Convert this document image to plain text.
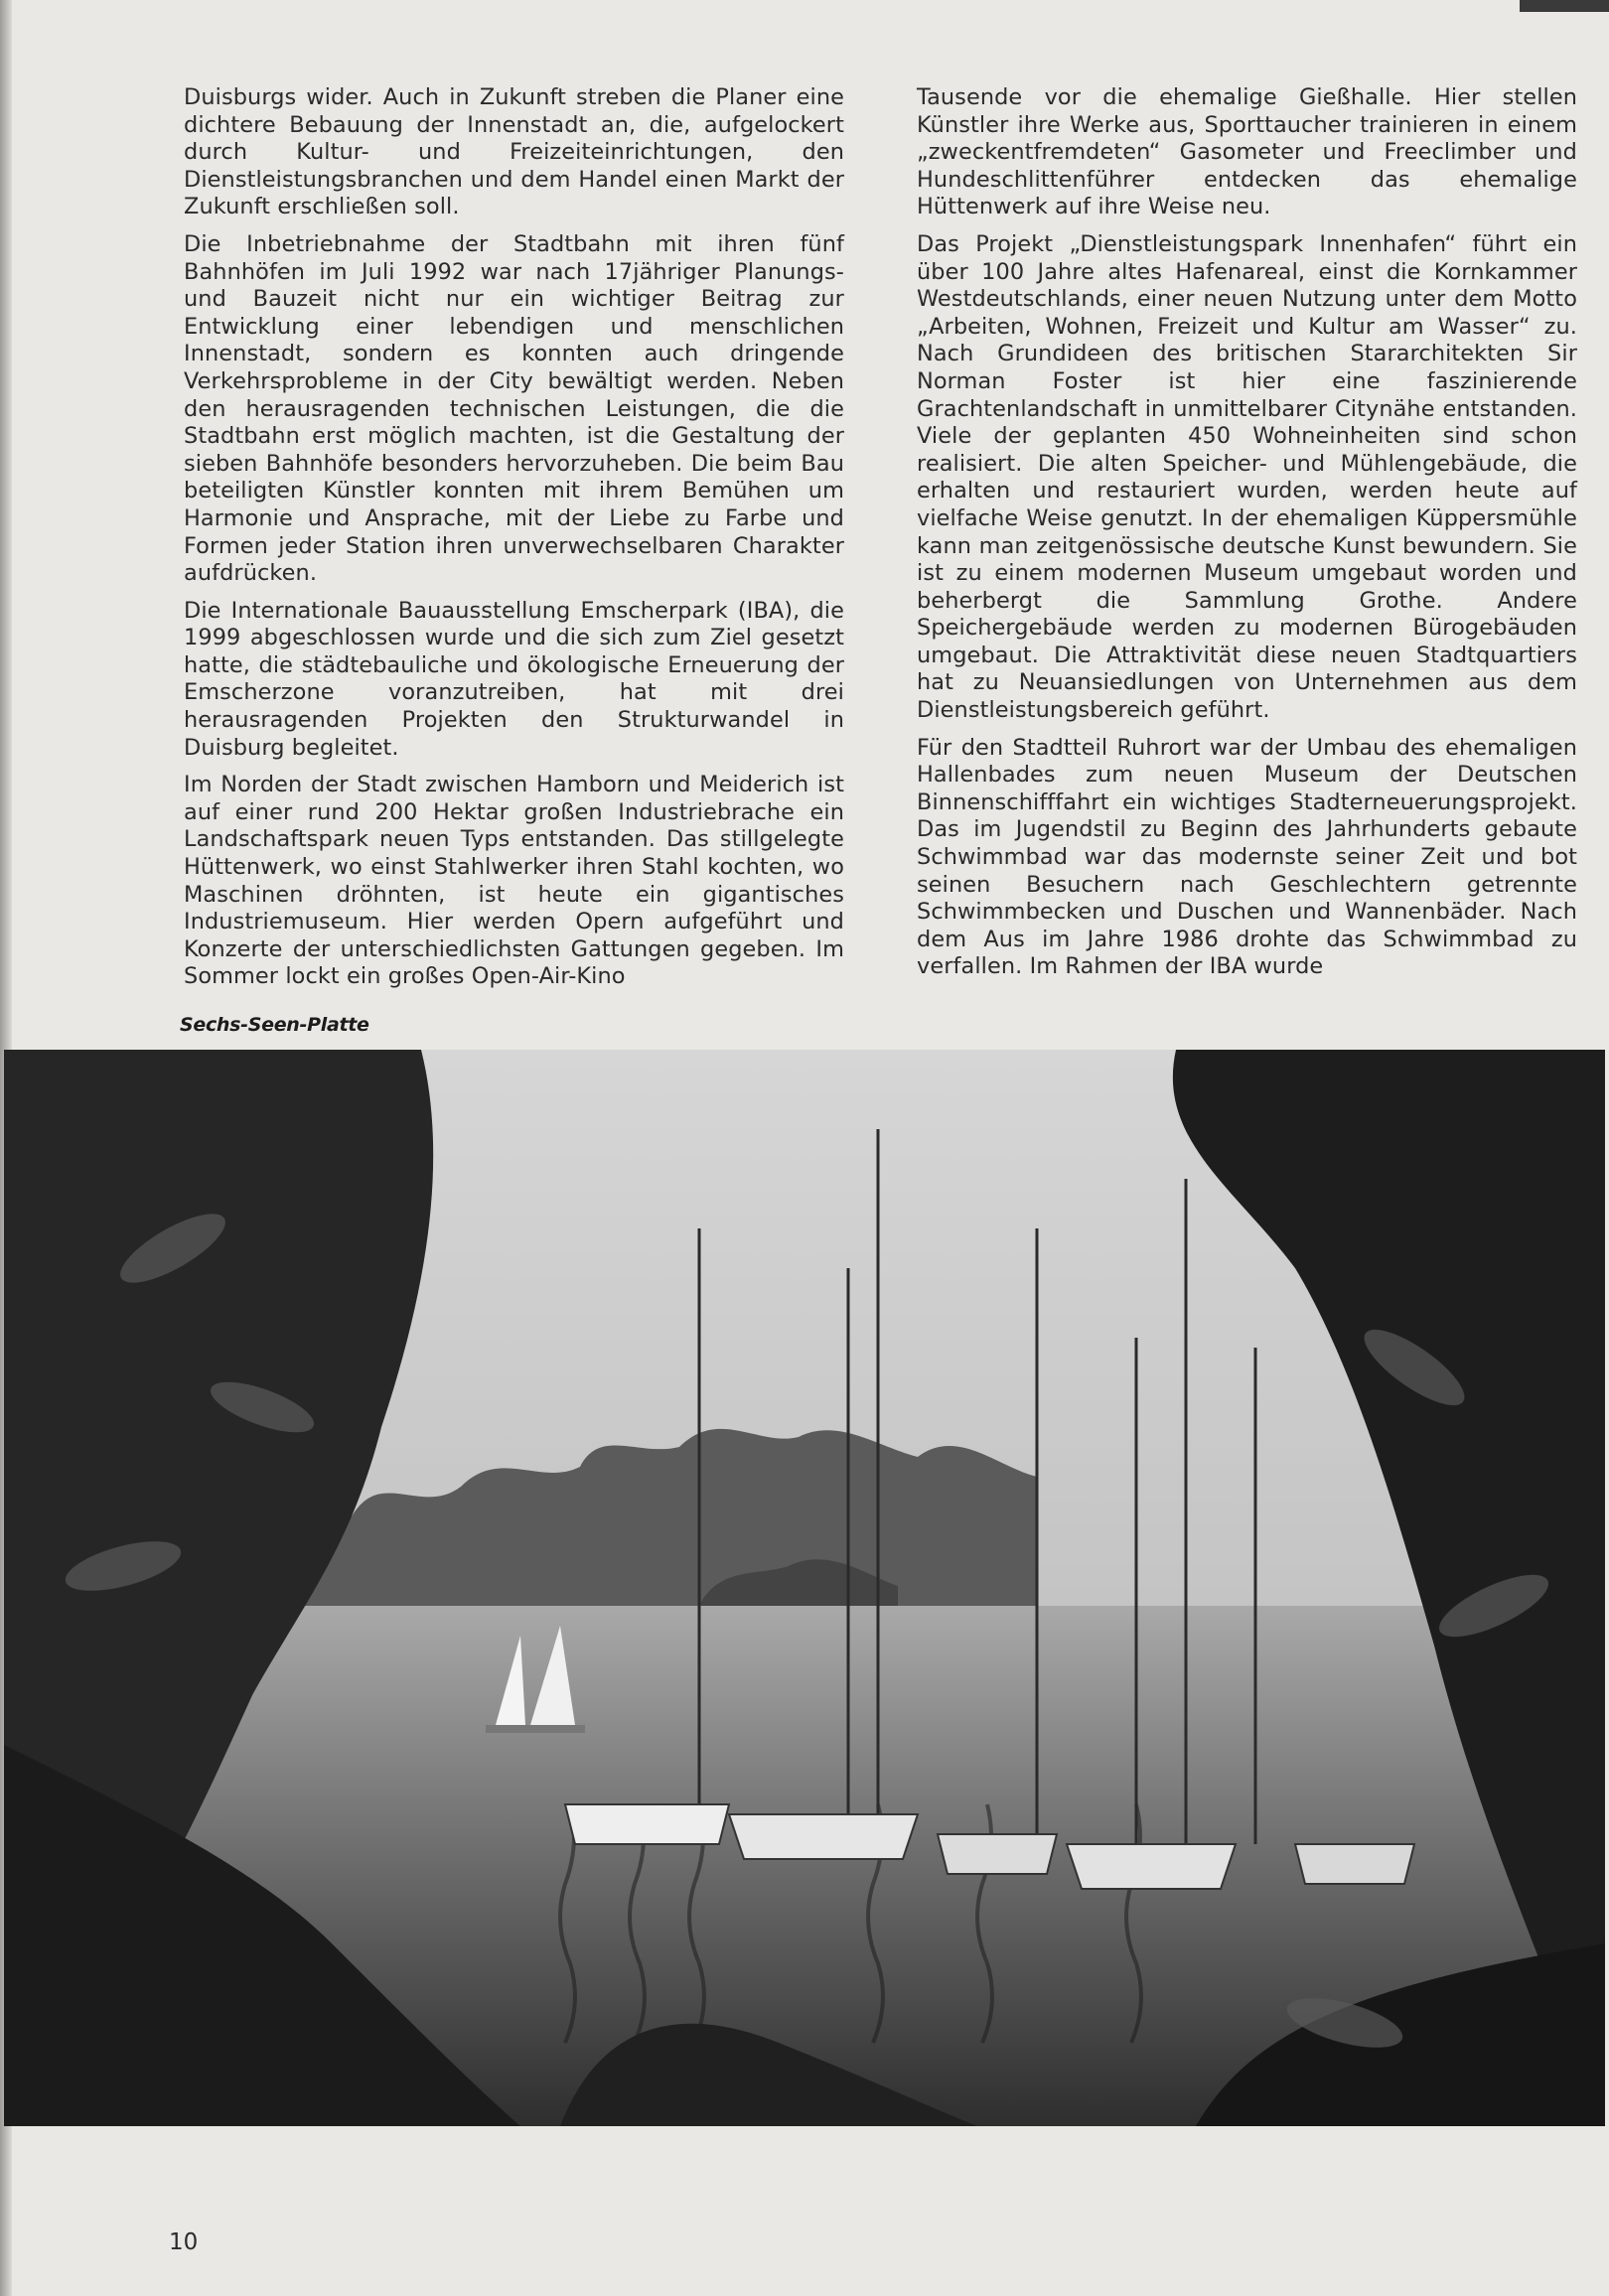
Duisburgs wider. Auch in Zukunft streben die Planer eine dichtere Bebauung der Innenstadt an, die, aufgelockert durch Kultur- und Freizeiteinrichtungen, den Dienstleistungsbranchen und dem Handel einen Markt der Zukunft erschließen soll.

Die Inbetriebnahme der Stadtbahn mit ihren fünf Bahnhöfen im Juli 1992 war nach 17jähriger Planungs- und Bauzeit nicht nur ein wichtiger Beitrag zur Entwicklung einer lebendigen und menschlichen Innenstadt, sondern es konnten auch dringende Verkehrsprobleme in der City bewältigt werden. Neben den herausragenden technischen Leistungen, die die Stadtbahn erst möglich machten, ist die Gestaltung der sieben Bahnhöfe besonders hervorzuheben. Die beim Bau beteiligten Künstler konnten mit ihrem Bemühen um Harmonie und Ansprache, mit der Liebe zu Farbe und Formen jeder Station ihren unverwechselbaren Charakter aufdrücken.

Die Internationale Bauausstellung Emscherpark (IBA), die 1999 abgeschlossen wurde und die sich zum Ziel gesetzt hatte, die städtebauliche und ökologische Erneuerung der Emscherzone voranzutreiben, hat mit drei herausragenden Projekten den Strukturwandel in Duisburg begleitet.

Im Norden der Stadt zwischen Hamborn und Meiderich ist auf einer rund 200 Hektar großen Industriebrache ein Landschaftspark neuen Typs entstanden. Das stillgelegte Hüttenwerk, wo einst Stahlwerker ihren Stahl kochten, wo Maschinen dröhnten, ist heute ein gigantisches Industriemuseum. Hier werden Opern aufgeführt und Konzerte der unterschiedlichsten Gattungen gegeben. Im Sommer lockt ein großes Open-Air-Kino

Tausende vor die ehemalige Gießhalle. Hier stellen Künstler ihre Werke aus, Sporttaucher trainieren in einem „zweckentfremdeten“ Gasometer und Freeclimber und Hundeschlittenführer entdecken das ehemalige Hüttenwerk auf ihre Weise neu.

Das Projekt „Dienstleistungspark Innenhafen“ führt ein über 100 Jahre altes Hafenareal, einst die Kornkammer Westdeutschlands, einer neuen Nutzung unter dem Motto „Arbeiten, Wohnen, Freizeit und Kultur am Wasser“ zu. Nach Grundideen des britischen Stararchitekten Sir Norman Foster ist hier eine faszinierende Grachtenlandschaft in unmittelbarer Citynähe entstanden. Viele der geplanten 450 Wohneinheiten sind schon realisiert. Die alten Speicher- und Mühlengebäude, die erhalten und restauriert wurden, werden heute auf vielfache Weise genutzt. In der ehemaligen Küppersmühle kann man zeitgenössische deutsche Kunst bewundern. Sie ist zu einem modernen Museum umgebaut worden und beherbergt die Sammlung Grothe. Andere Speichergebäude werden zu modernen Bürogebäuden umgebaut. Die Attraktivität diese neuen Stadtquartiers hat zu Neuansiedlungen von Unternehmen aus dem Dienstleistungsbereich geführt.

Für den Stadtteil Ruhrort war der Umbau des ehemaligen Hallenbades zum neuen Museum der Deutschen Binnenschifffahrt ein wichtiges Stadterneuerungsprojekt. Das im Jugendstil zu Beginn des Jahrhunderts gebaute Schwimmbad war das modernste seiner Zeit und bot seinen Besuchern nach Geschlechtern getrennte Schwimmbecken und Duschen und Wannenbäder. Nach dem Aus im Jahre 1986 drohte das Schwimmbad zu verfallen. Im Rahmen der IBA wurde

Sechs-Seen-Platte
10
